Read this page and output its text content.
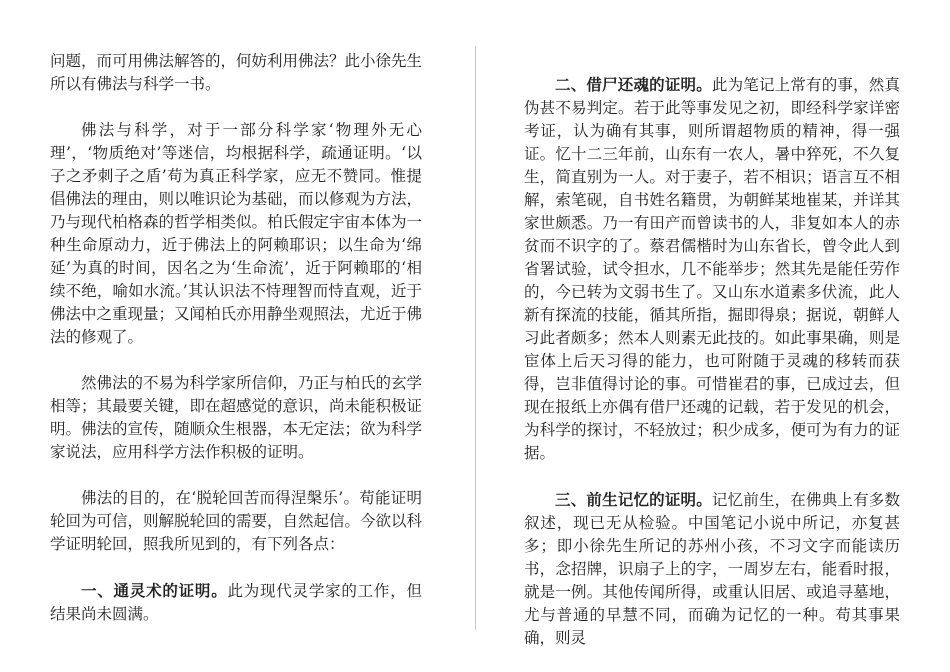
问题，而可用佛法解答的，何妨利用佛法？此小徐先生所以有佛法与科学一书。

佛法与科学，对于一部分科学家‘物理外无心理’，‘物质绝对’等迷信，均根据科学，疏通证明。‘以子之矛刺子之盾’苟为真正科学家，应无不赞同。惟提倡佛法的理由，则以唯识论为基础，而以修观为方法，乃与现代柏格森的哲学相类似。柏氏假定宇宙本体为一种生命原动力，近于佛法上的阿赖耶识；以生命为‘绵延’为真的时间，因名之为‘生命流’，近于阿赖耶的‘相续不绝，喻如水流。’其认识法不恃理智而恃直观，近于佛法中之重现量；又闻柏氏亦用静坐观照法，尤近于佛法的修观了。

然佛法的不易为科学家所信仰，乃正与柏氏的玄学相等；其最要关键，即在超感觉的意识，尚未能积极证明。佛法的宣传，随顺众生根器，本无定法；欲为科学家说法，应用科学方法作积极的证明。

佛法的目的，在‘脱轮回苦而得涅槃乐’。苟能证明轮回为可信，则解脱轮回的需要，自然起信。今欲以科学证明轮回，照我所见到的，有下列各点：

一、通灵术的证明。此为现代灵学家的工作，但结果尚未圆满。

二、借尸还魂的证明。此为笔记上常有的事，然真伪甚不易判定。若于此等事发见之初，即经科学家详密考证，认为确有其事，则所谓超物质的精神，得一强证。忆十二三年前，山东有一农人，暑中猝死，不久复生，简直别为一人。对于妻子，若不相识；语言互不相解，索笔砚，自书姓名籍贯，为朝鲜某地崔某，并详其家世颇悉。乃一有田产而曾读书的人，非复如本人的赤贫而不识字的了。蔡君儒楷时为山东省长，曾令此人到省署试验，试令担水，几不能举步；然其先是能任劳作的，今已转为文弱书生了。又山东水道素多伏流，此人新有探流的技能，循其所指，掘即得泉；据说，朝鲜人习此者颇多；然本人则素无此技的。如此事果确，则是宦体上后天习得的能力，也可附随于灵魂的移转而获得，岂非值得讨论的事。可惜崔君的事，已成过去，但现在报纸上亦偶有借尸还魂的记载，若于发见的机会，为科学的探讨，不轻放过；积少成多，便可为有力的证据。

三、前生记忆的证明。记忆前生，在佛典上有多数叙述，现已无从检验。中国笔记小说中所记，亦复甚多；即小徐先生所记的苏州小孩，不习文字而能读历书，念招牌，识扇子上的字，一周岁左右，能看时报，就是一例。其他传闻所得，或重认旧居、或追寻墓地，尤与普通的早慧不同，而确为记忆的一种。苟其事果确，则灵
